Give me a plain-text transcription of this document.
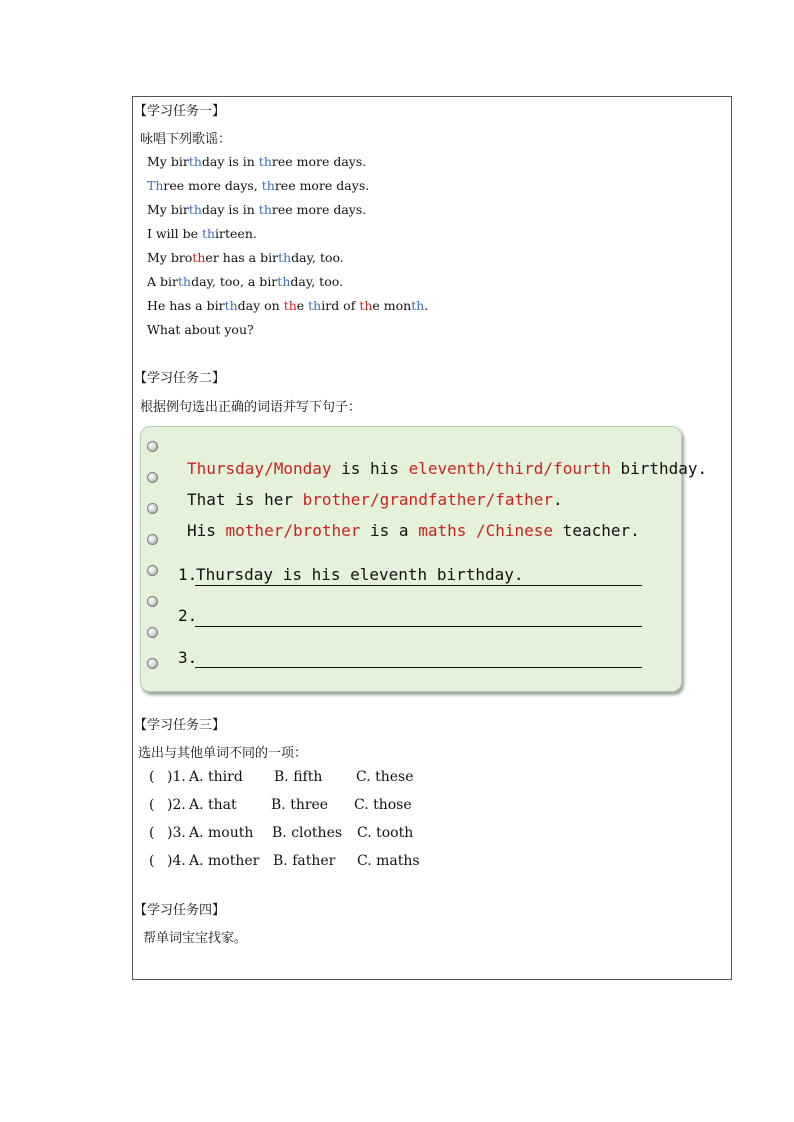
【学习任务一】
咏唱下列歌谣：
My birthday is in three more days.
Three more days, three more days.
My birthday is in three more days.
I will be thirteen.
My brother has a birthday, too.
A birthday, too, a birthday, too.
He has a birthday on the third of the month.
What about you?
【学习任务二】
根据例句选出正确的词语并写下句子：
Thursday/Monday is his eleventh/third/fourth birthday.
That is her brother/grandfather/father.
His mother/brother is a maths /Chinese teacher.
1.
Thursday is his eleventh birthday.
2.
3.
【学习任务三】
选出与其他单词不同的一项：
( )1. A. third B. fifth C. these
( )2. A. that B. three C. those
( )3. A. mouth B. clothes C. tooth
( )4. A. mother B. father C. maths
【学习任务四】
帮单词宝宝找家。
